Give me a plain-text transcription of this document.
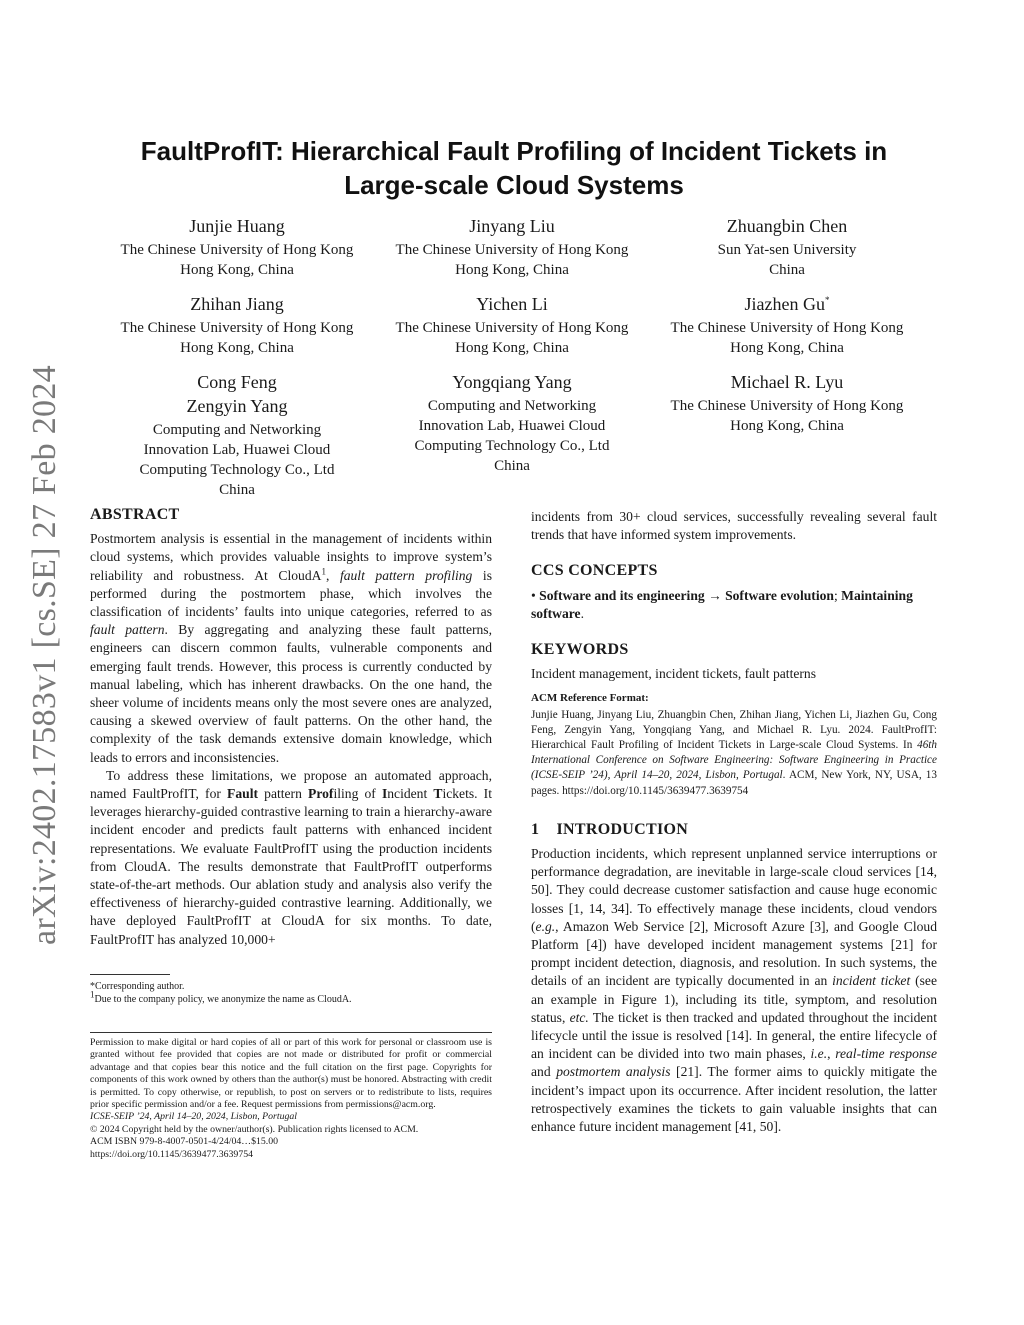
arXiv:2402.17583v1 [cs.SE] 27 Feb 2024
FaultProfIT: Hierarchical Fault Profiling of Incident Tickets in
Large-scale Cloud Systems
Junjie Huang
The Chinese University of Hong Kong
Hong Kong, China
Jinyang Liu
The Chinese University of Hong Kong
Hong Kong, China
Zhuangbin Chen
Sun Yat-sen University
China
Zhihan Jiang
The Chinese University of Hong Kong
Hong Kong, China
Yichen Li
The Chinese University of Hong Kong
Hong Kong, China
Jiazhen Gu*
The Chinese University of Hong Kong
Hong Kong, China
Cong Feng
Zengyin Yang
Computing and Networking
Innovation Lab, Huawei Cloud
Computing Technology Co., Ltd
China
Yongqiang Yang
Computing and Networking
Innovation Lab, Huawei Cloud
Computing Technology Co., Ltd
China
Michael R. Lyu
The Chinese University of Hong Kong
Hong Kong, China
ABSTRACT

Postmortem analysis is essential in the management of incidents within cloud systems, which provides valuable insights to improve system’s reliability and robustness. At CloudA$^1$, fault pattern profiling is performed during the postmortem phase, which involves the classification of incidents’ faults into unique categories, referred to as fault pattern. By aggregating and analyzing these fault patterns, engineers can discern common faults, vulnerable components and emerging fault trends. However, this process is currently conducted by manual labeling, which has inherent drawbacks. On the one hand, the sheer volume of incidents means only the most severe ones are analyzed, causing a skewed overview of fault patterns. On the other hand, the complexity of the task demands extensive domain knowledge, which leads to errors and inconsistencies.

To address these limitations, we propose an automated approach, named FaultProfIT, for Fault pattern Profiling of Incident Tickets. It leverages hierarchy-guided contrastive learning to train a hierarchy-aware incident encoder and predicts fault patterns with enhanced incident representations. We evaluate FaultProfIT using the production incidents from CloudA. The results demonstrate that FaultProfIT outperforms state-of-the-art methods. Our ablation study and analysis also verify the effectiveness of hierarchy-guided contrastive learning. Additionally, we have deployed FaultProfIT at CloudA for six months. To date, FaultProfIT has analyzed 10,000+

*Corresponding author.
1Due to the company policy, we anonymize the name as CloudA.
Permission to make digital or hard copies of all or part of this work for personal or classroom use is granted without fee provided that copies are not made or distributed for profit or commercial advantage and that copies bear this notice and the full citation on the first page. Copyrights for components of this work owned by others than the author(s) must be honored. Abstracting with credit is permitted. To copy otherwise, or republish, to post on servers or to redistribute to lists, requires prior specific permission and/or a fee. Request permissions from permissions@acm.org.
ICSE-SEIP ’24, April 14–20, 2024, Lisbon, Portugal
© 2024 Copyright held by the owner/author(s). Publication rights licensed to ACM.
ACM ISBN 979-8-4007-0501-4/24/04…$15.00
https://doi.org/10.1145/3639477.3639754

incidents from 30+ cloud services, successfully revealing several fault trends that have informed system improvements.

CCS CONCEPTS

• Software and its engineering → Software evolution; Maintaining software.

KEYWORDS

Incident management, incident tickets, fault patterns

ACM Reference Format:

Junjie Huang, Jinyang Liu, Zhuangbin Chen, Zhihan Jiang, Yichen Li, Jiazhen Gu, Cong Feng, Zengyin Yang, Yongqiang Yang, and Michael R. Lyu. 2024. FaultProfIT: Hierarchical Fault Profiling of Incident Tickets in Large-scale Cloud Systems. In 46th International Conference on Software Engineering: Software Engineering in Practice (ICSE-SEIP ’24), April 14–20, 2024, Lisbon, Portugal. ACM, New York, NY, USA, 13 pages. https://doi.org/10.1145/3639477.3639754

1    INTRODUCTION

Production incidents, which represent unplanned service interruptions or performance degradation, are inevitable in large-scale cloud services [14, 50]. They could decrease customer satisfaction and cause huge economic losses [1, 14, 34]. To effectively manage these incidents, cloud vendors (e.g., Amazon Web Service [2], Microsoft Azure [3], and Google Cloud Platform [4]) have developed incident management systems [21] for prompt incident detection, diagnosis, and resolution. In such systems, the details of an incident are typically documented in an incident ticket (see an example in Figure 1), including its title, symptom, and resolution status, etc. The ticket is then tracked and updated throughout the incident lifecycle until the issue is resolved [14]. In general, the entire lifecycle of an incident can be divided into two main phases, i.e., real-time response and postmortem analysis [21]. The former aims to quickly mitigate the incident’s impact upon its occurrence. After incident resolution, the latter retrospectively examines the tickets to gain valuable insights that can enhance future incident management [41, 50].
